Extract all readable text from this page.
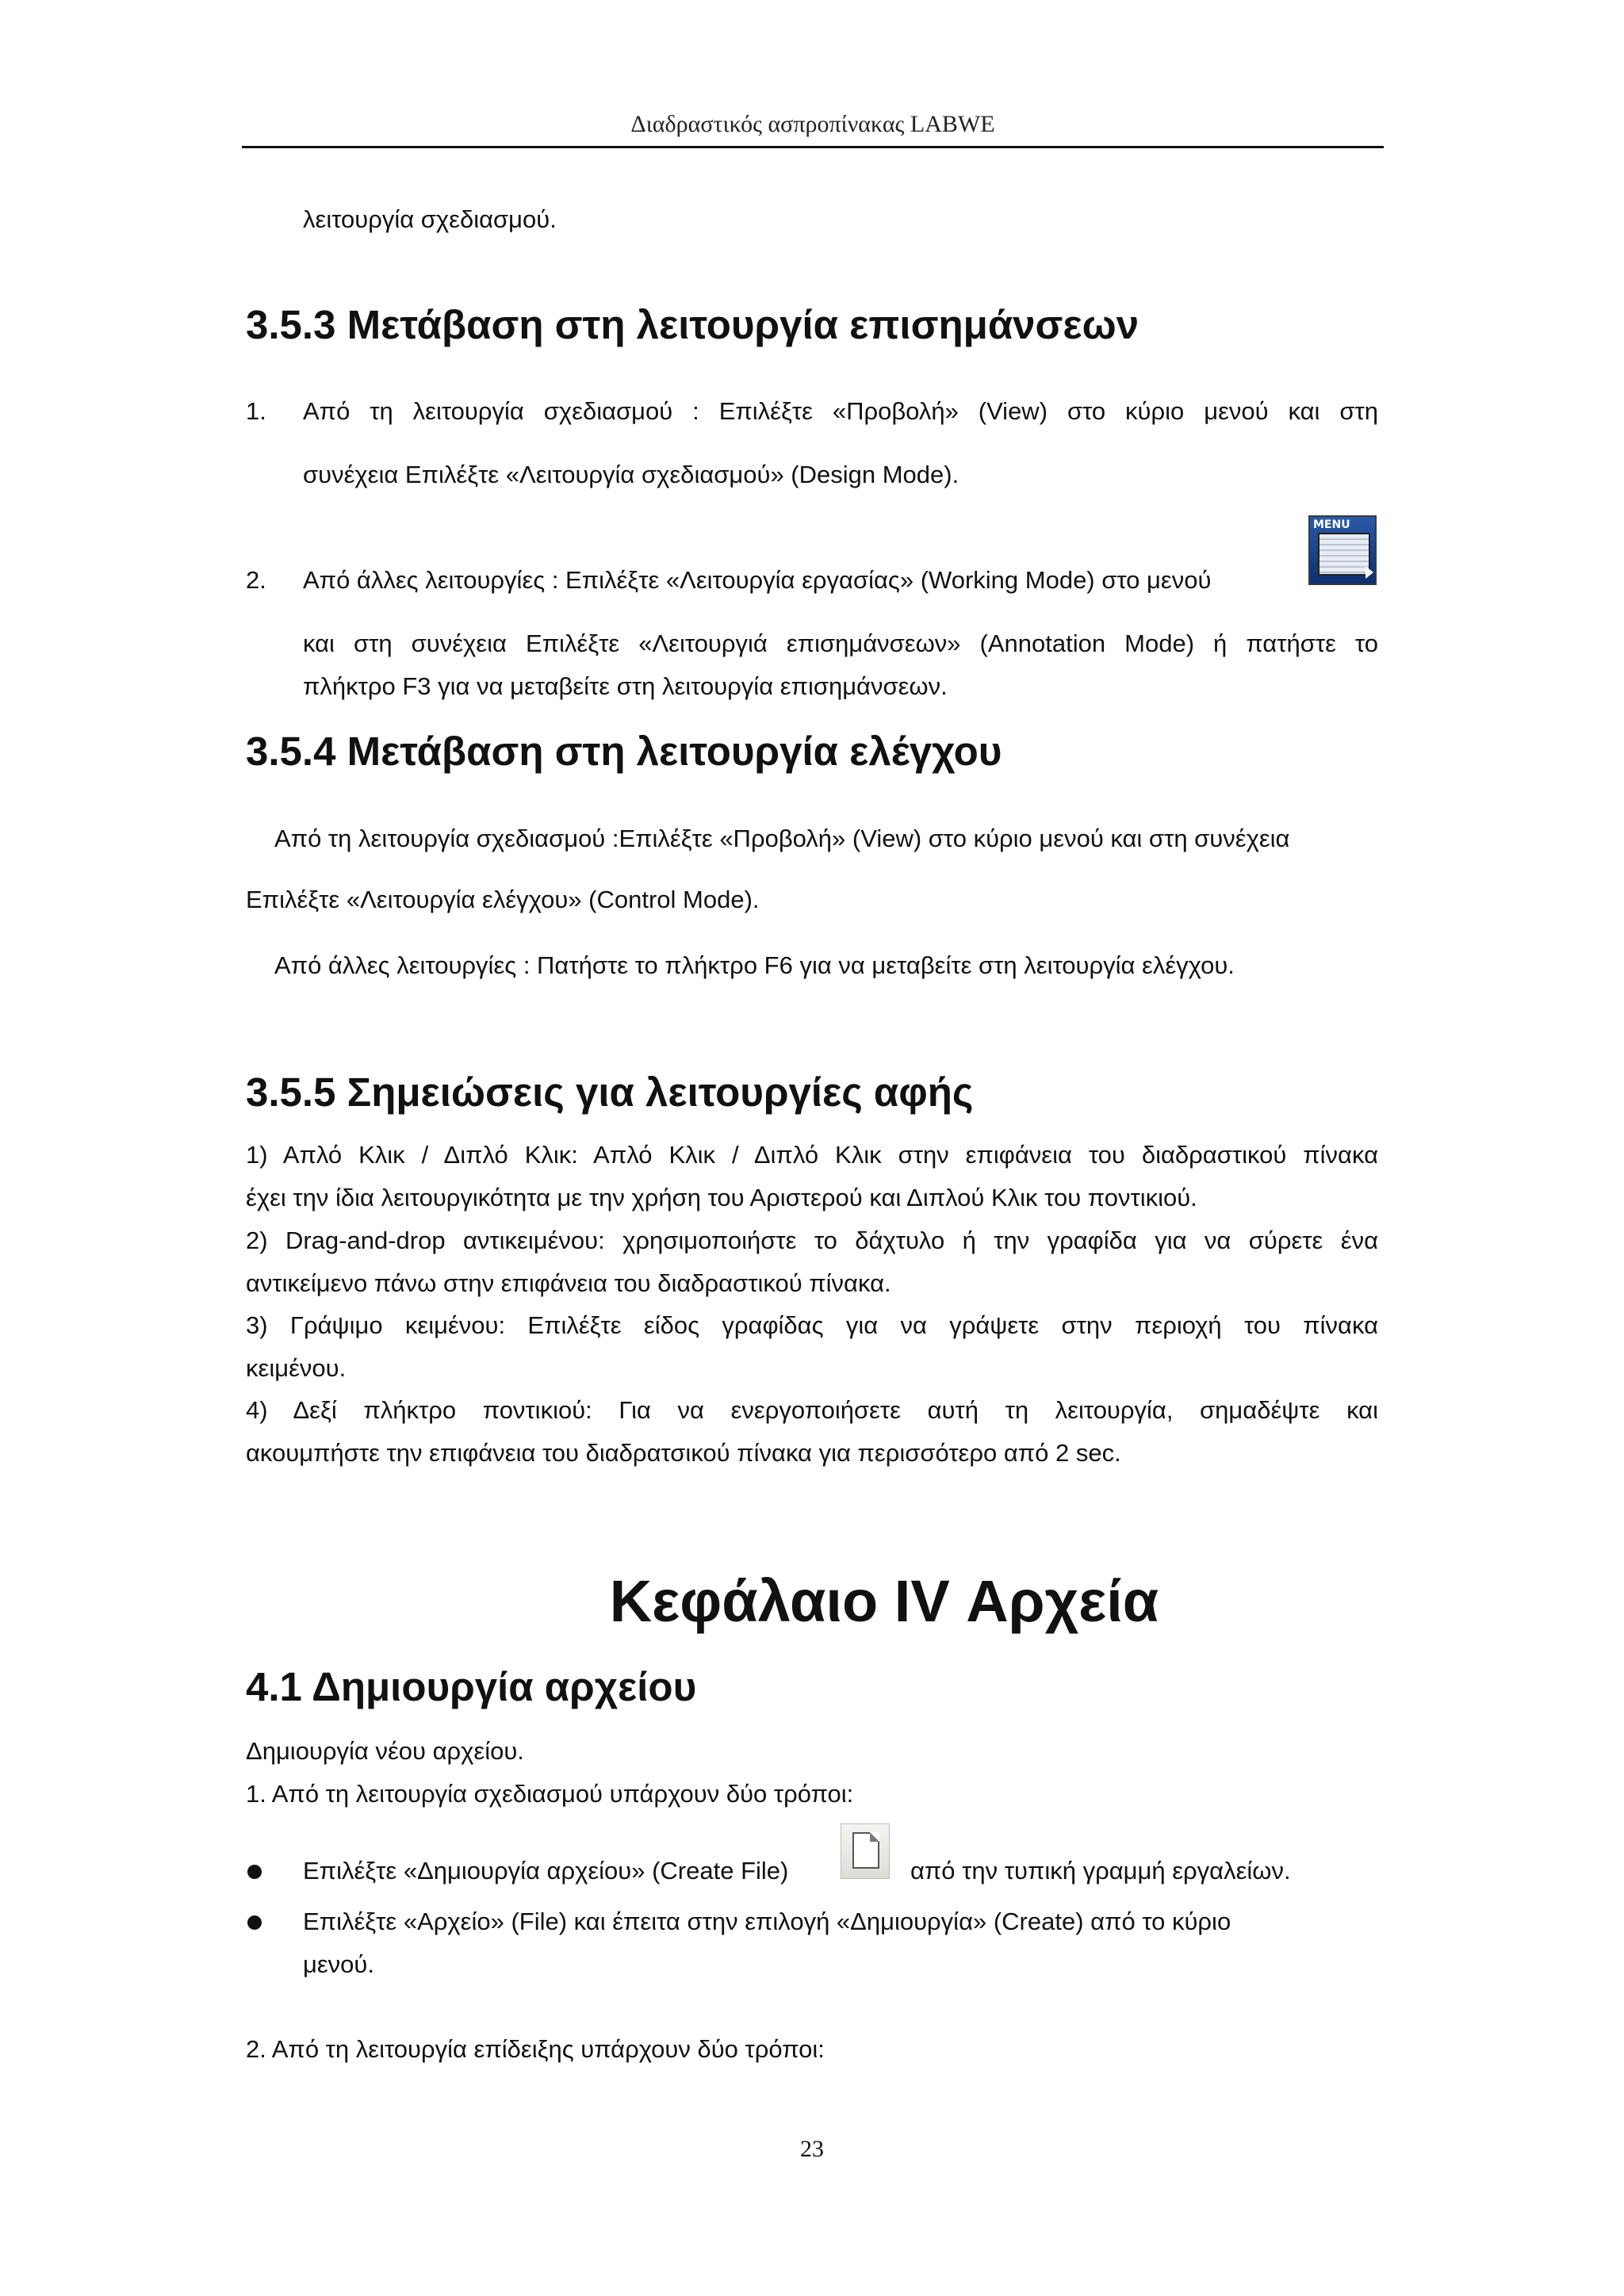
Διαδραστικός ασπροπίνακας LABWE
λειτουργία σχεδιασμού.
3.5.3 Μετάβαση στη λειτουργία επισημάνσεων
1. Από τη λειτουργία σχεδιασμού : Επιλέξτε «Προβολή» (View) στο κύριο μενού και στη
συνέχεια Επιλέξτε «Λειτουργία σχεδιασμού» (Design Mode).
2. Από άλλες λειτουργίες : Επιλέξτε «Λειτουργία εργασίας» (Working Mode) στο μενού
MENU
και στη συνέχεια Επιλέξτε «Λειτουργιά επισημάνσεων» (Annotation Mode) ή πατήστε το
πλήκτρο F3 για να μεταβείτε στη λειτουργία επισημάνσεων.
3.5.4 Μετάβαση στη λειτουργία ελέγχου
Από τη λειτουργία σχεδιασμού :Επιλέξτε «Προβολή» (View) στο κύριο μενού και στη συνέχεια
Επιλέξτε «Λειτουργία ελέγχου» (Control Mode).
Από άλλες λειτουργίες : Πατήστε το πλήκτρο F6 για να μεταβείτε στη λειτουργία ελέγχου.
3.5.5 Σημειώσεις για λειτουργίες αφής
1) Απλό Κλικ / Διπλό Κλικ: Απλό Κλικ / Διπλό Κλικ στην επιφάνεια του διαδραστικού πίνακα
έχει την ίδια λειτουργικότητα με την χρήση του Αριστερού και Διπλού Κλικ του ποντικιού.
2) Drag-and-drop αντικειμένου: χρησιμοποιήστε το δάχτυλο ή την γραφίδα για να σύρετε ένα
αντικείμενο πάνω στην επιφάνεια του διαδραστικού πίνακα.
3) Γράψιμο κειμένου: Επιλέξτε είδος γραφίδας για να γράψετε στην περιοχή του πίνακα
κειμένου.
4) Δεξί πλήκτρο ποντικιού: Για να ενεργοποιήσετε αυτή τη λειτουργία, σημαδέψτε και
ακουμπήστε την επιφάνεια του διαδρατσικού πίνακα για περισσότερο από 2 sec.
Κεφάλαιο IV Αρχεία
4.1 Δημιουργία αρχείου
Δημιουργία νέου αρχείου.
1. Από τη λειτουργία σχεδιασμού υπάρχουν δύο τρόποι:
Επιλέξτε «Δημιουργία αρχείου» (Create File)	από την τυπική γραμμή εργαλείων.
Επιλέξτε «Αρχείο» (File) και έπειτα στην επιλογή «Δημιουργία» (Create) από το κύριο
μενού.
2. Από τη λειτουργία επίδειξης υπάρχουν δύο τρόποι:
23
